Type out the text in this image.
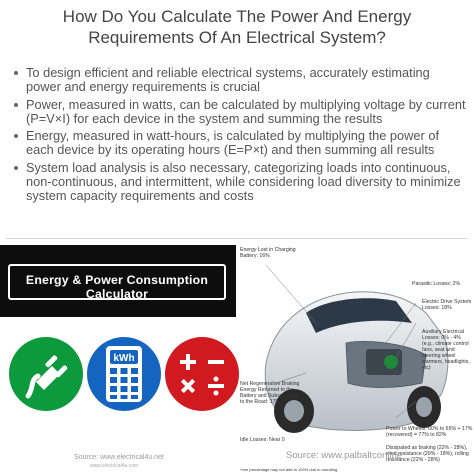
How Do You Calculate The Power And Energy Requirements Of An Electrical System?
To design efficient and reliable electrical systems, accurately estimating power and energy requirements is crucial
Power, measured in watts, can be calculated by multiplying voltage by current (P=V×I) for each device in the system and summing the results
Energy, measured in watt-hours, is calculated by multiplying the power of each device by its operating hours (E=P×t) and then summing all results
System load analysis is also necessary, categorizing loads into continuous, non-continuous, and intermittent, while considering load diversity to minimize system capacity requirements and costs
Energy & Power Consumption Calculator
kWh
Energy Lost in Charging Battery: 16%
Parasitic Losses: 2%
Electric Drive System Losses: 18%
Auxiliary Electrical Losses: 0% - 4% (e.g., climate control fans, seat and steering wheel warmers, headlights, etc)
Net Regenerative Braking Energy Returned to the Battery and Subsequently to the Road: 17%
Idle Losses: Near 0
Power to Wheels: 60% to 65% + 17% (recovered) = 77% to 82%
Dissipated as braking (22% - 28%), wind resistance (29% - 18%), rolling resistance (22% - 28%)
*one percentage may not add to 100% due to rounding
Source: www.electrical4u.net
www.electrical4u.com
Source: www.palbaltconline
